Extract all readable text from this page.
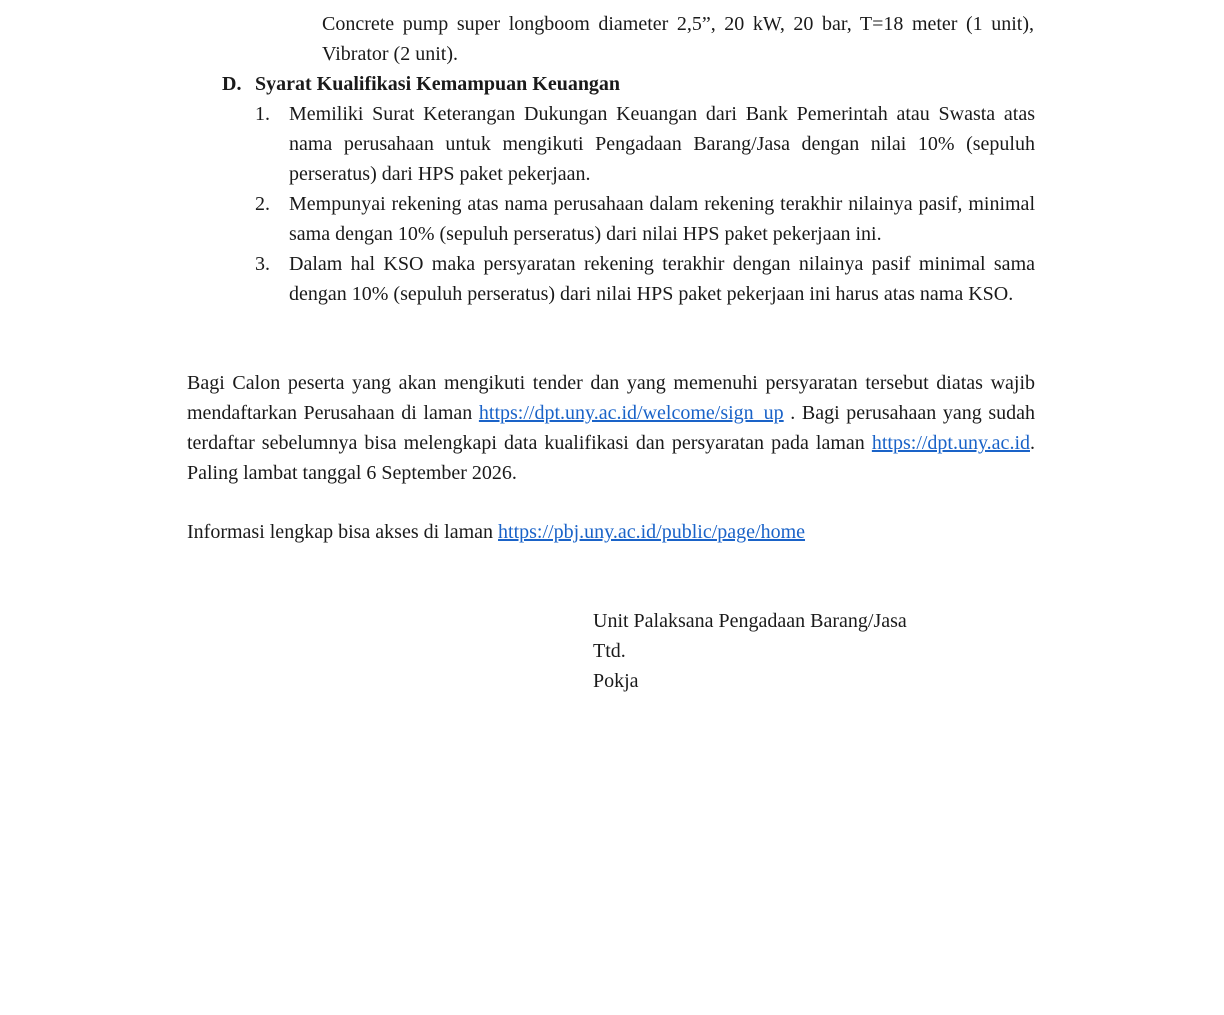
Concrete pump super longboom diameter 2,5”, 20 kW, 20 bar, T=18 meter (1 unit), Vibrator (2 unit).

D. Syarat Kualifikasi Kemampuan Keuangan
1. Memiliki Surat Keterangan Dukungan Keuangan dari Bank Pemerintah atau Swasta atas nama perusahaan untuk mengikuti Pengadaan Barang/Jasa dengan nilai 10% (sepuluh perseratus) dari HPS paket pekerjaan.
2. Mempunyai rekening atas nama perusahaan dalam rekening terakhir nilainya pasif, minimal sama dengan 10% (sepuluh perseratus) dari nilai HPS paket pekerjaan ini.
3. Dalam hal KSO maka persyaratan rekening terakhir dengan nilainya pasif minimal sama dengan 10% (sepuluh perseratus) dari nilai HPS paket pekerjaan ini harus atas nama KSO.

Bagi Calon peserta yang akan mengikuti tender dan yang memenuhi persyaratan tersebut diatas wajib mendaftarkan Perusahaan di laman https://dpt.uny.ac.id/welcome/sign_up . Bagi perusahaan yang sudah terdaftar sebelumnya bisa melengkapi data kualifikasi dan persyaratan pada laman https://dpt.uny.ac.id. Paling lambat tanggal 6 September 2026.

Informasi lengkap bisa akses di laman https://pbj.uny.ac.id/public/page/home

Unit Palaksana Pengadaan Barang/Jasa
Ttd.
Pokja
